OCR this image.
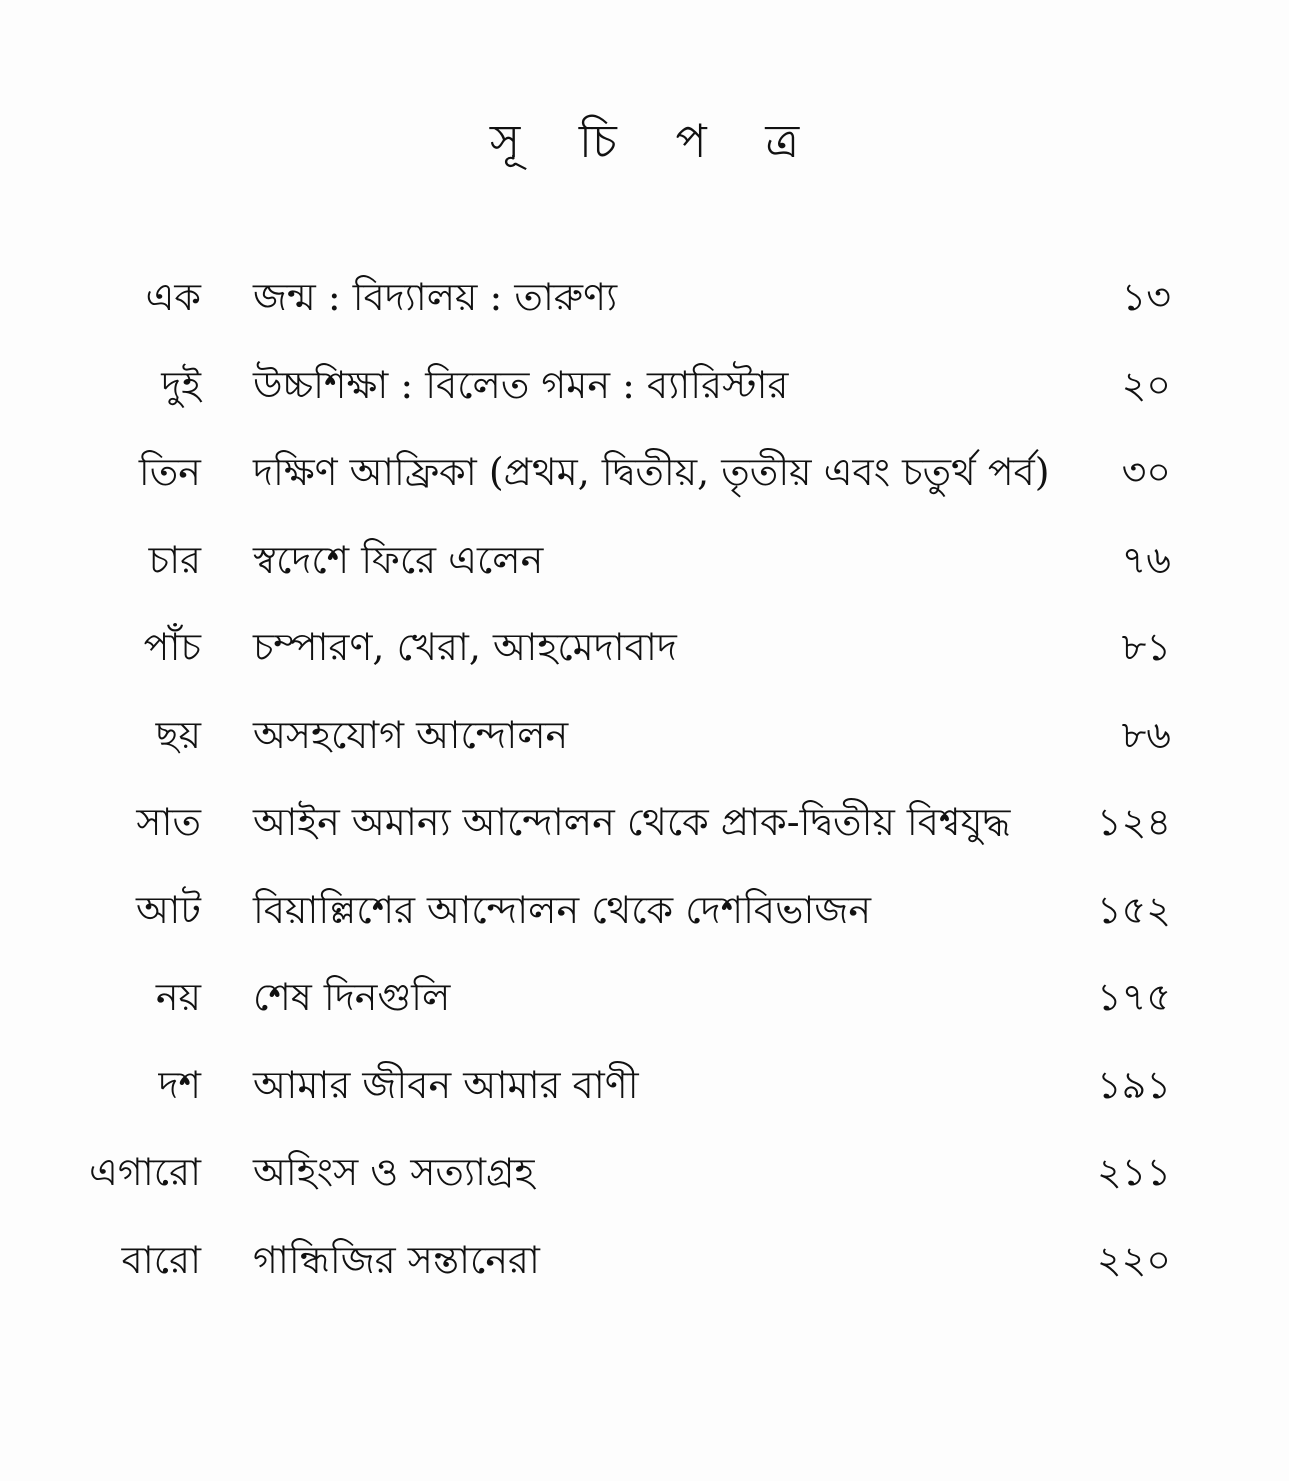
সূ চি প ত্র
এক জন্ম : বিদ্যালয় : তারুণ্য	১৩
দুই উচ্চশিক্ষা : বিলেত গমন : ব্যারিস্টার	২০
তিন দক্ষিণ আফ্রিকা (প্রথম, দ্বিতীয়, তৃতীয় এবং চতুর্থ পর্ব) ৩০
চার স্বদেশে ফিরে এলেন	৭৬
পাঁচ চম্পারণ, খেরা, আহমেদাবাদ	৮১
ছয় অসহযোগ আন্দোলন	৮৬
সাত আইন অমান্য আন্দোলন থেকে প্রাক-দ্বিতীয় বিশ্বযুদ্ধ ১২৪
আট বিয়াল্লিশের আন্দোলন থেকে দেশবিভাজন	১৫২
নয় শেষ দিনগুলি	১৭৫
দশ আমার জীবন আমার বাণী	১৯১
এগারো অহিংস ও সত্যাগ্রহ	২১১
বারো গান্ধিজির সন্তানেরা	২২০
